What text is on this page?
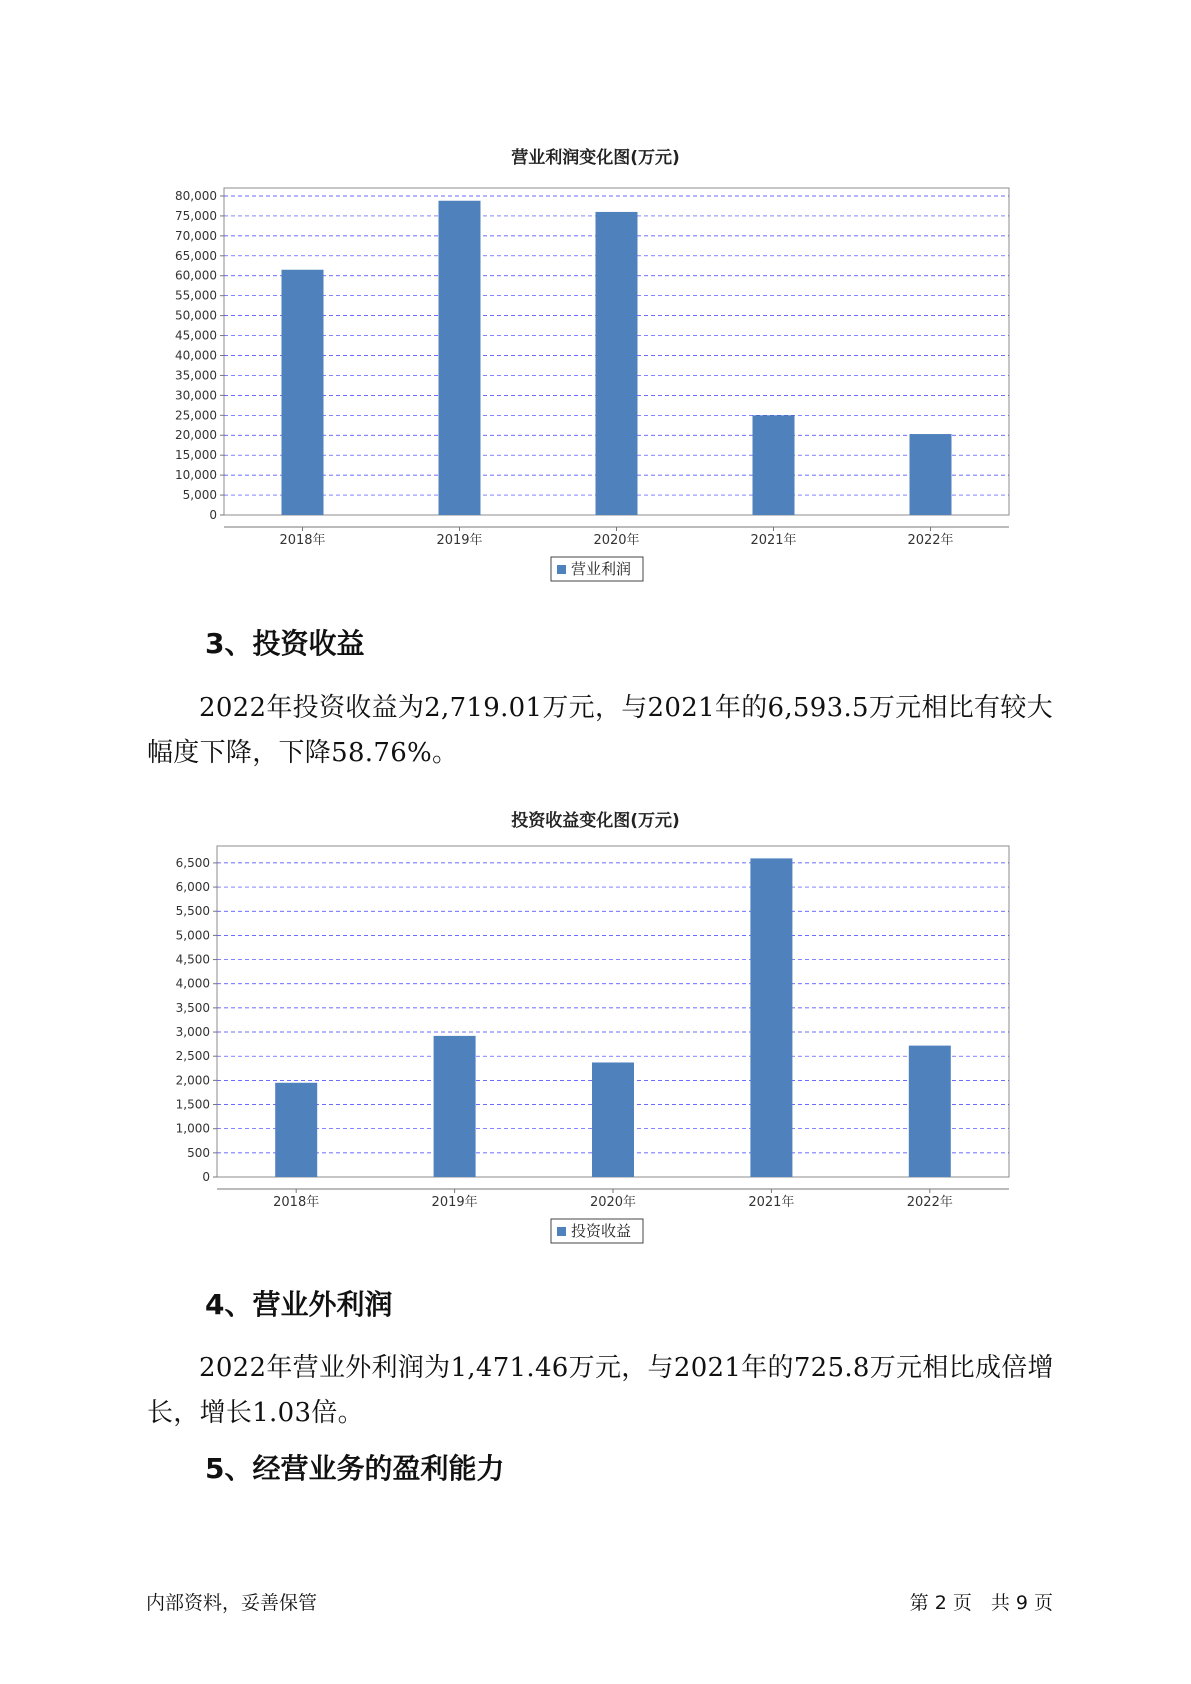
营业利润变化图(万元)
0
5,000
10,000
15,000
20,000
25,000
30,000
35,000
40,000
45,000
50,000
55,000
60,000
65,000
70,000
75,000
80,000
2018年	2019年	2020年	2021年	2022年
营业利润
3、投资收益

2022年投资收益为2,719.01万元，与2021年的6,593.5万元相比有较大幅度下降，下降58.76%。

投资收益变化图(万元)
0
500
1,000
1,500
2,000
2,500
3,000
3,500
4,000
4,500
5,000
5,500
6,000
6,500
2018年	2019年	2020年	2021年	2022年
投资收益
4、营业外利润

2022年营业外利润为1,471.46万元，与2021年的725.8万元相比成倍增长，增长1.03倍。

5、经营业务的盈利能力
内部资料，妥善保管	第 2 页　共 9 页
